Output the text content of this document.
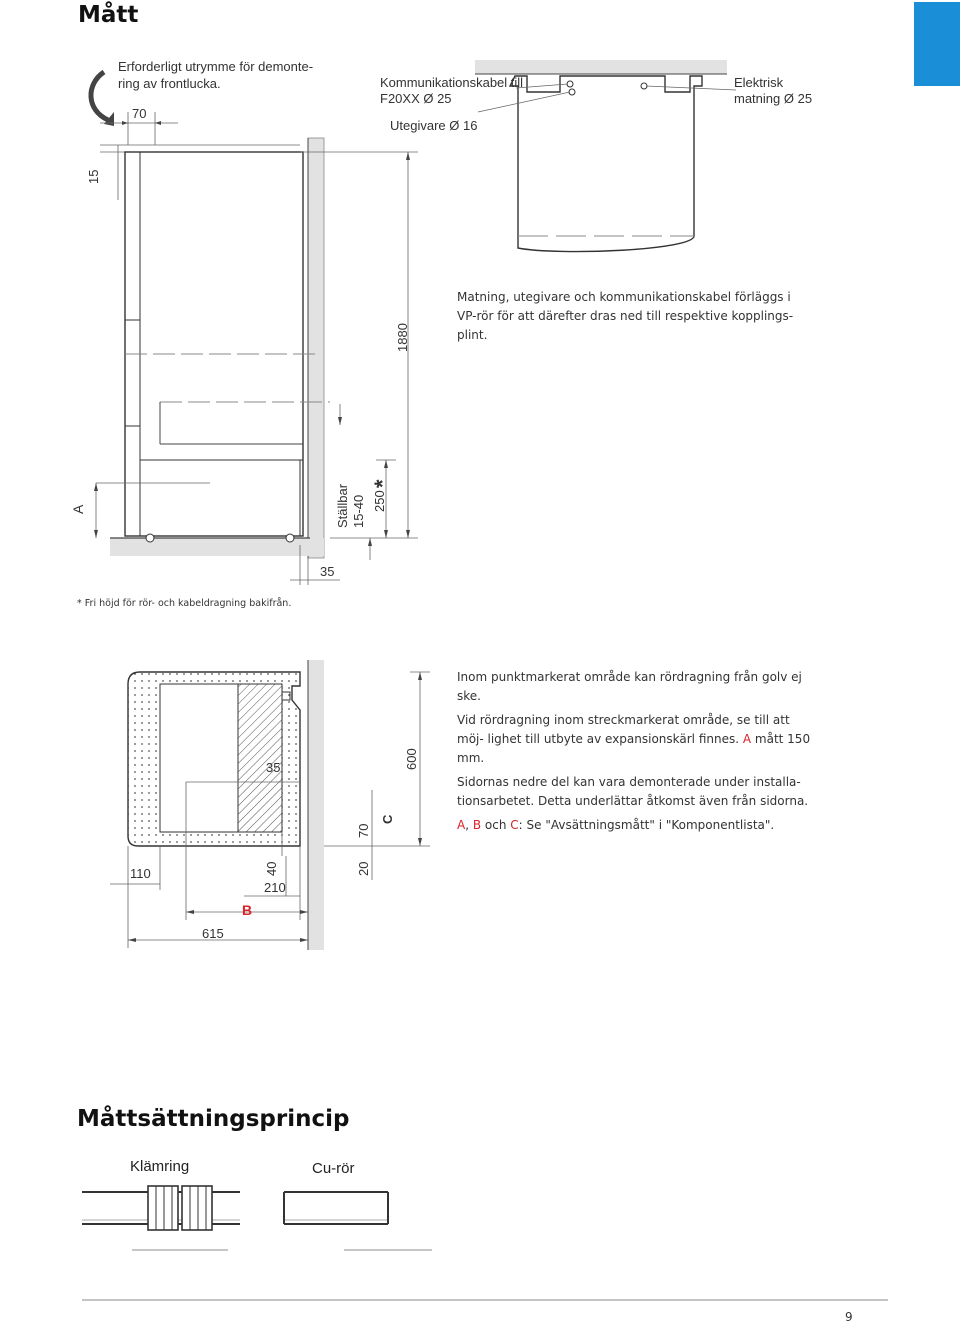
Mått
Erforderligt utrymme för demonte-
ring av frontlucka.
70
15
Kommunikationskabel till
F20XX Ø 25
Utegivare Ø 16
Elektrisk
matning Ø 25
Matning, utegivare och kommunikationskabel förläggs i
VP-rör för att därefter dras ned till respektive kopplings-
plint.
1880
A	Ställbar 15-40 250
*
35
* Fri höjd för rör- och kabeldragning bakifrån.
35	600
70
C
20
110	40
210
B
615
Inom punktmarkerat område kan rördragning från golv ej ske.
Vid rördragning inom streckmarkerat område, se till att möj- lighet till utbyte av expansionskärl finnes. A mått 150 mm.
Sidornas nedre del kan vara demonterade under installa- tionsarbetet. Detta underlättar åtkomst även från sidorna.
A, B och C: Se "Avsättningsmått" i "Komponentlista".
Måttsättningsprincip
Klämring	Cu-rör
9
